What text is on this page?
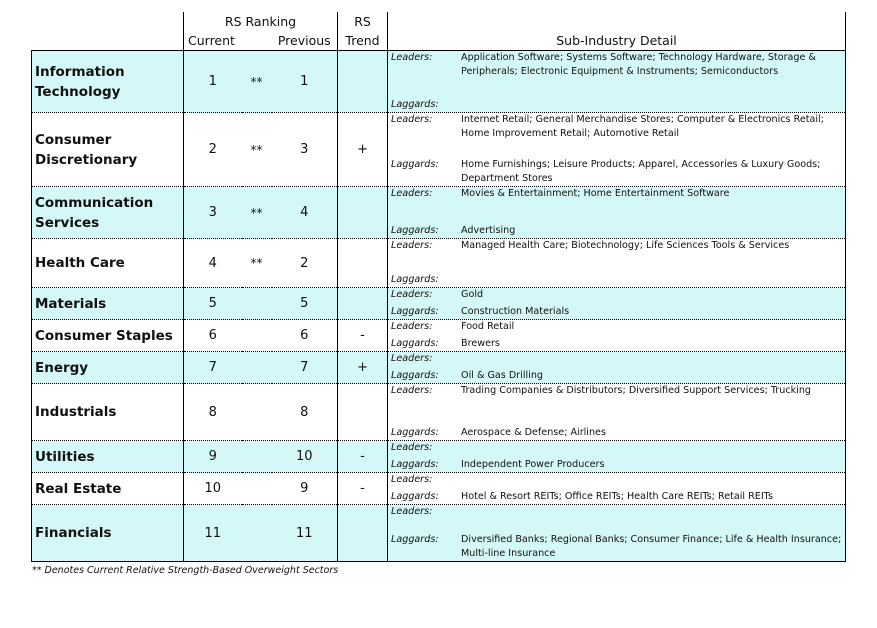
	RS Ranking			RS	
	Current		Previous	Trend	Sub-Industry Detail
Information Technology	1	**	1		Leaders: Application Software; Systems Software; Technology Hardware, Storage & Peripherals; Electronic Equipment & Instruments; Semiconductors
Laggards:

Consumer Discretionary	2	**	3	+	Leaders: Internet Retail; General Merchandise Stores; Computer & Electronics Retail; Home Improvement Retail; Automotive Retail
Laggards: Home Furnishings; Leisure Products; Apparel, Accessories & Luxury Goods; Department Stores

Communication Services	3	**	4		Leaders: Movies & Entertainment; Home Entertainment Software
Laggards: Advertising

Health Care	4	**	2		Leaders: Managed Health Care; Biotechnology; Life Sciences Tools & Services
Laggards:

Materials	5		5		Leaders: Gold
Laggards: Construction Materials

Consumer Staples	6		6	-	Leaders: Food Retail
Laggards: Brewers

Energy	7		7	+	Leaders:
Laggards: Oil & Gas Drilling

Industrials	8		8		Leaders: Trading Companies & Distributors; Diversified Support Services; Trucking
Laggards: Aerospace & Defense; Airlines

Utilities	9		10	-	Leaders:
Laggards: Independent Power Producers

Real Estate	10		9	-	Leaders:
Laggards: Hotel & Resort REITs; Office REITs; Health Care REITs; Retail REITs

Financials	11		11		Leaders:
Laggards: Diversified Banks; Regional Banks; Consumer Finance; Life & Health Insurance; Multi-line Insurance
** Denotes Current Relative Strength-Based Overweight Sectors
